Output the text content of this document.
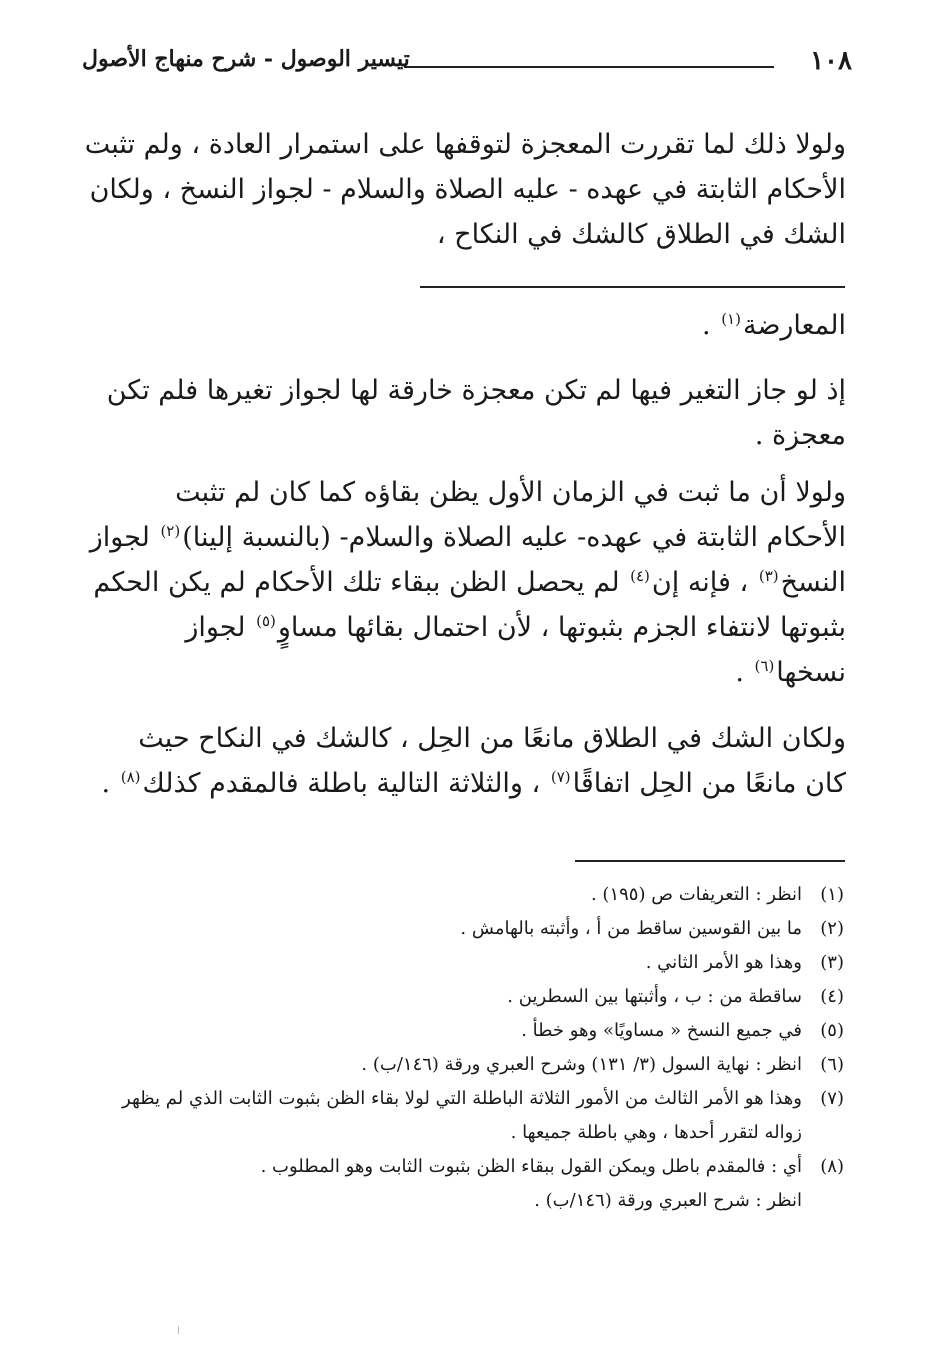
١٠٨
تيسير الوصول - شرح منهاج الأصول
ولولا ذلك لما تقررت المعجزة لتوقفها على استمرار العادة ، ولم تثبت
الأحكام الثابتة في عهده - عليه الصلاة والسلام - لجواز النسخ ، ولكان
الشك في الطلاق كالشك في النكاح ،
المعارضة$^{(١)}$ .
إذ لو جاز التغير فيها لم تكن معجزة خارقة لها لجواز تغيرها فلم تكن
معجزة .
ولولا أن ما ثبت في الزمان الأول يظن بقاؤه كما كان لم تثبت
الأحكام الثابتة في عهده- عليه الصلاة والسلام- (بالنسبة إلينا)$^{(٢)}$ لجواز
النسخ$^{(٣)}$ ، فإنه إن$^{(٤)}$ لم يحصل الظن ببقاء تلك الأحكام لم يكن الحكم
بثبوتها لانتفاء الجزم بثبوتها ، لأن احتمال بقائها مساوٍ$^{(٥)}$ لجواز
نسخها$^{(٦)}$ .
ولكان الشك في الطلاق مانعًا من الحِل ، كالشك في النكاح حيث
كان مانعًا من الحِل اتفاقًا$^{(٧)}$ ، والثلاثة التالية باطلة فالمقدم كذلك$^{(٨)}$ .
(١)
انظر : التعريفات ص (١٩٥) .
(٢)
ما بين القوسين ساقط من أ ، وأثبته بالهامش .
(٣)
وهذا هو الأمر الثاني .
(٤)
ساقطة من : ب ، وأثبتها بين السطرين .
(٥)
في جميع النسخ « مساويًا» وهو خطأ .
(٦)
انظر : نهاية السول (٣/ ١٣١) وشرح العبري ورقة (١٤٦/ب) .
(٧)
وهذا هو الأمر الثالث من الأمور الثلاثة الباطلة التي لولا بقاء الظن بثبوت الثابت الذي لم يظهر
زواله لتقرر أحدها ، وهي باطلة جميعها .
(٨)
أي : فالمقدم باطل ويمكن القول ببقاء الظن بثبوت الثابت وهو المطلوب .
انظر : شرح العبري ورقة (١٤٦/ب) .
